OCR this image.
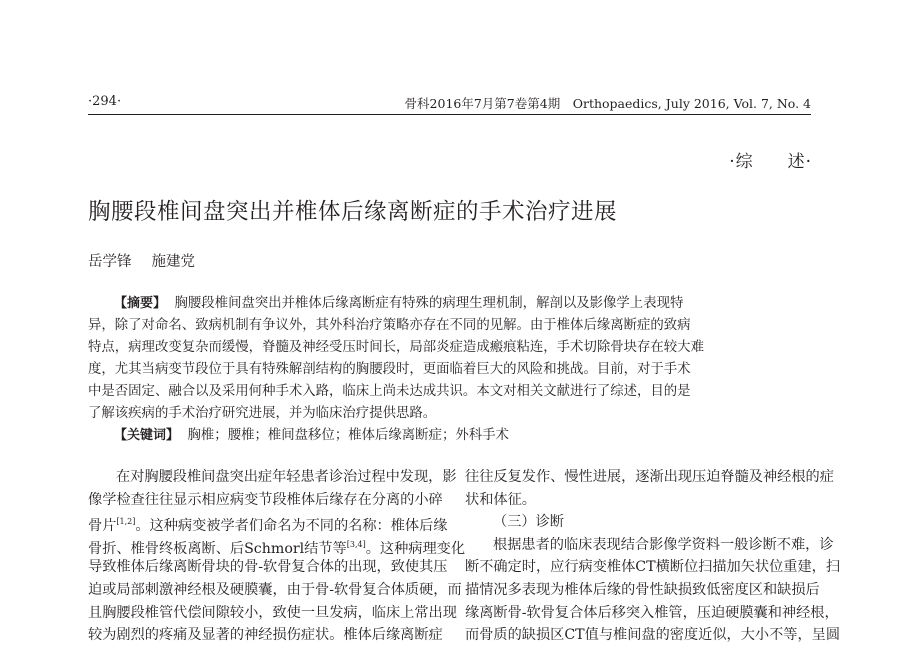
·294·	骨科2016年7月第7卷第4期　Orthopaedics, July 2016, Vol. 7, No. 4
·综 述·
胸腰段椎间盘突出并椎体后缘离断症的手术治疗进展
岳学锋 施建党
【摘要】 胸腰段椎间盘突出并椎体后缘离断症有特殊的病理生理机制，解剖以及影像学上表现特
异，除了对命名、致病机制有争议外，其外科治疗策略亦存在不同的见解。由于椎体后缘离断症的致病
特点，病理改变复杂而缓慢，脊髓及神经受压时间长，局部炎症造成瘢痕粘连，手术切除骨块存在较大难
度，尤其当病变节段位于具有特殊解剖结构的胸腰段时，更面临着巨大的风险和挑战。目前，对于手术
中是否固定、融合以及采用何种手术入路，临床上尚未达成共识。本文对相关文献进行了综述，目的是
了解该疾病的手术治疗研究进展，并为临床治疗提供思路。
【关键词】 胸椎；腰椎；椎间盘移位；椎体后缘离断症；外科手术
在对胸腰段椎间盘突出症年轻患者诊治过程中发现，影
像学检查往往显示相应病变节段椎体后缘存在分离的小碎
骨片[1,2]。这种病变被学者们命名为不同的名称：椎体后缘
骨折、椎骨终板离断、后Schmorl结节等[3,4]。这种病理变化
导致椎体后缘离断骨块的骨-软骨复合体的出现，致使其压
迫或局部刺激神经根及硬膜囊，由于骨-软骨复合体质硬，而
且胸腰段椎管代偿间隙较小，致使一旦发病，临床上常出现
较为剧烈的疼痛及显著的神经损伤症状。椎体后缘离断症
往往反复发作、慢性进展，逐渐出现压迫脊髓及神经根的症
状和体征。
（三）诊断
根据患者的临床表现结合影像学资料一般诊断不难，诊
断不确定时，应行病变椎体CT横断位扫描加矢状位重建，扫
描情况多表现为椎体后缘的骨性缺损致低密度区和缺损后
缘离断骨-软骨复合体后移突入椎管，压迫硬膜囊和神经根，
而骨质的缺损区CT值与椎间盘的密度近似，大小不等，呈圆
